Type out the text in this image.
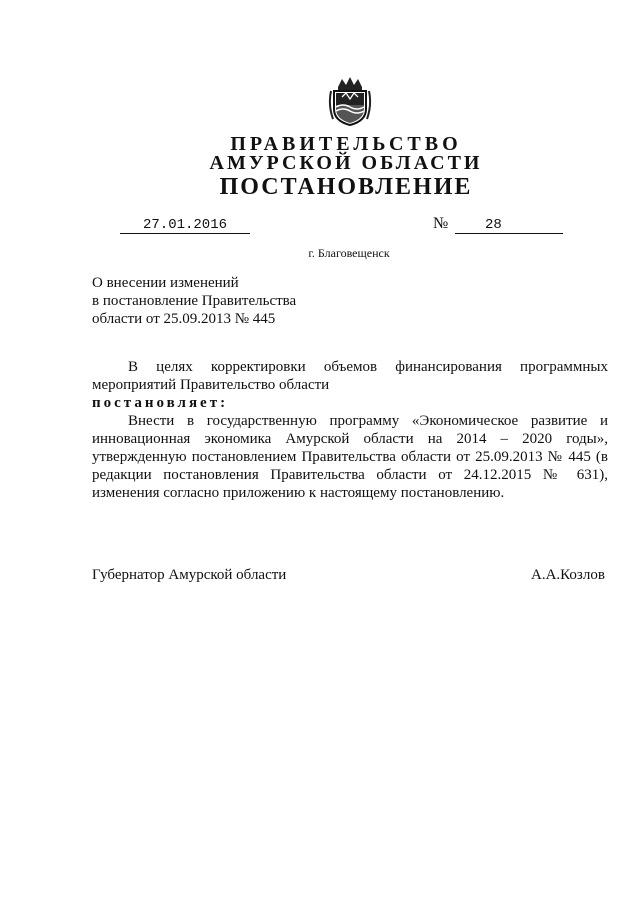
ПРАВИТЕЛЬСТВО
АМУРСКОЙ ОБЛАСТИ
ПОСТАНОВЛЕНИЕ
27.01.2016	№	28
г. Благовещенск
О внесении изменений
в постановление Правительства
области от 25.09.2013 № 445
В целях корректировки объемов финансирования программных мероприятий Правительство области
постановляет:
Внести в государственную программу «Экономическое развитие и инновационная экономика Амурской области на 2014 – 2020 годы», утвержденную постановлением Правительства области от 25.09.2013 № 445 (в редакции постановления Правительства области от 24.12.2015 № 631), изменения согласно приложению к настоящему постановлению.
Губернатор Амурской области	А.А.Козлов
